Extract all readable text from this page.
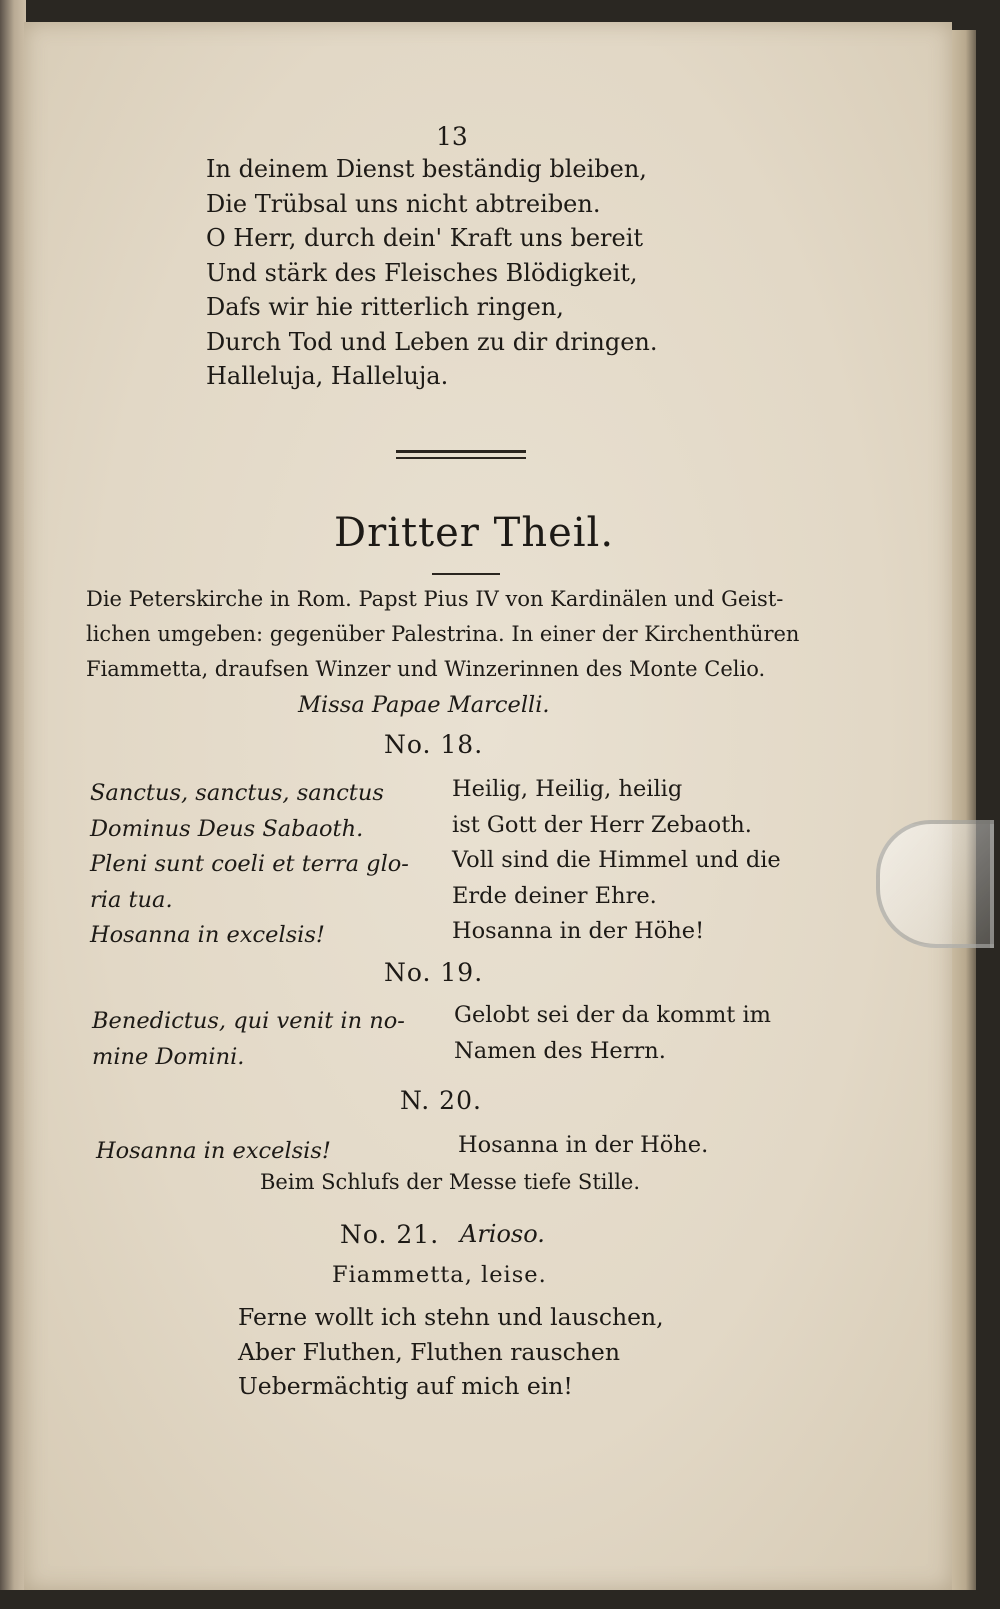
13

In deinem Dienst beständig bleiben,
Die Trübsal uns nicht abtreiben.
O Herr, durch dein' Kraft uns bereit
Und stärk des Fleisches Blödigkeit,
Dafs wir hie ritterlich ringen,
Durch Tod und Leben zu dir dringen.
Halleluja, Halleluja.

Dritter Theil.

Die Peterskirche in Rom. Papst Pius IV von Kardinälen und Geist-
lichen umgeben: gegenüber Palestrina. In einer der Kirchenthüren
Fiammetta, draufsen Winzer und Winzerinnen des Monte Celio.

Missa Papae Marcelli.

No. 18.

Sanctus, sanctus, sanctus
Dominus Deus Sabaoth.
Pleni sunt coeli et terra glo-
ria tua.
Hosanna in excelsis!
Heilig, Heilig, heilig
ist Gott der Herr Zebaoth.
Voll sind die Himmel und die
Erde deiner Ehre.
Hosanna in der Höhe!

No. 19.

Benedictus, qui venit in no-
mine Domini.
Gelobt sei der da kommt im
Namen des Herrn.

N. 20.

Hosanna in excelsis!	Hosanna in der Höhe.

Beim Schlufs der Messe tiefe Stille.

No. 21. Arioso.

Fiammetta, leise.

Ferne wollt ich stehn und lauschen,
Aber Fluthen, Fluthen rauschen
Uebermächtig auf mich ein!
